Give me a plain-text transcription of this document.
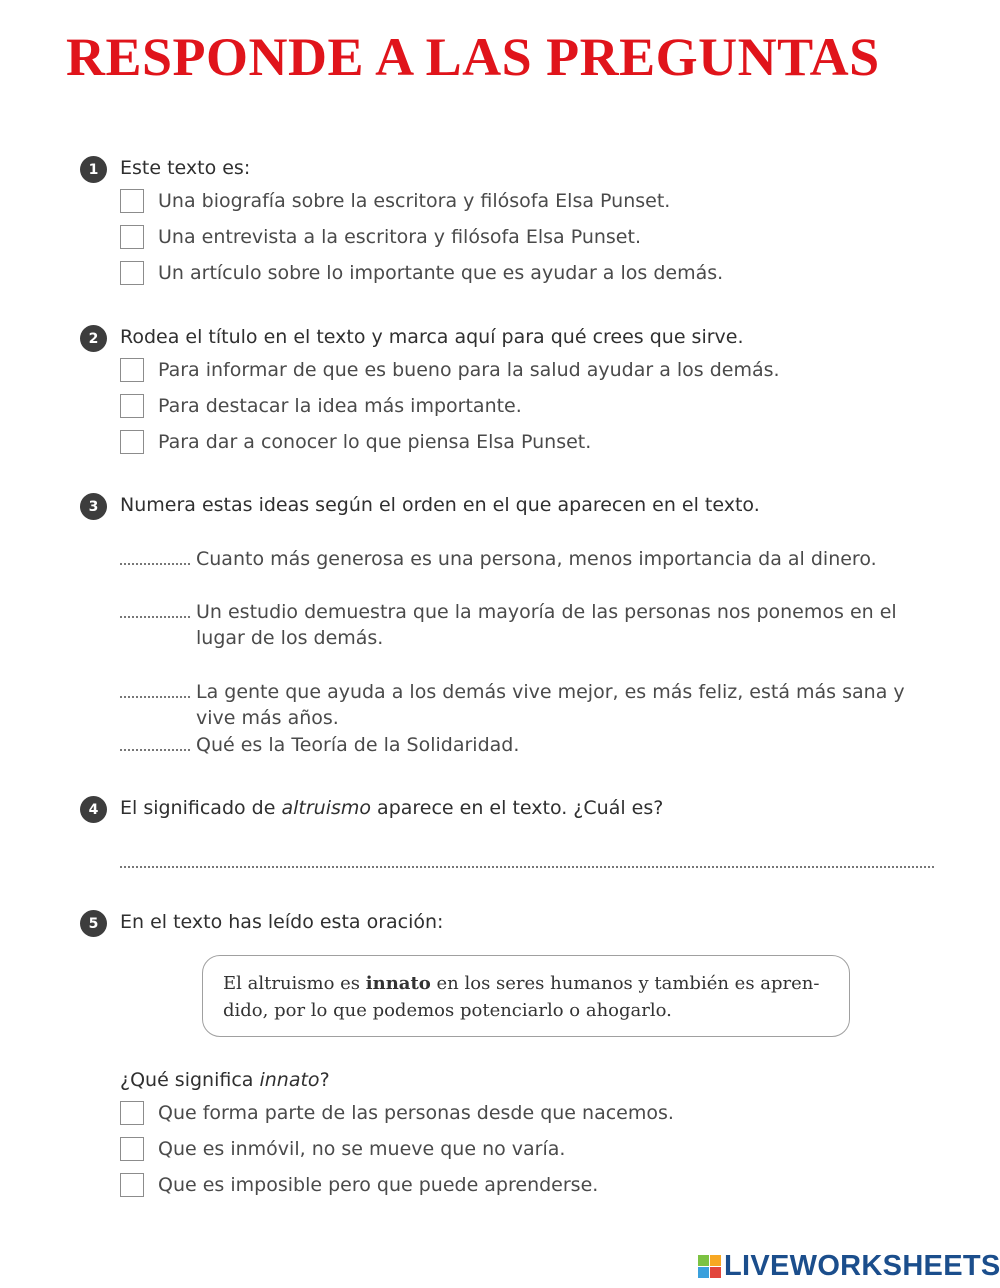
RESPONDE A LAS PREGUNTAS
1	Este texto es:
Una biografía sobre la escritora y filósofa Elsa Punset.
Una entrevista a la escritora y filósofa Elsa Punset.
Un artículo sobre lo importante que es ayudar a los demás.
2	Rodea el título en el texto y marca aquí para qué crees que sirve.
Para informar de que es bueno para la salud ayudar a los demás.
Para destacar la idea más importante.
Para dar a conocer lo que piensa Elsa Punset.
3	Numera estas ideas según el orden en el que aparecen en el texto.
Cuanto más generosa es una persona, menos importancia da al dinero.
Un estudio demuestra que la mayoría de las personas nos ponemos en el lugar de los demás.
La gente que ayuda a los demás vive mejor, es más feliz, está más sana y vive más años.
Qué es la Teoría de la Solidaridad.
4	El significado de altruismo aparece en el texto. ¿Cuál es?
5	En el texto has leído esta oración:
El altruismo es innato en los seres humanos y también es apren-
dido, por lo que podemos potenciarlo o ahogarlo.
¿Qué significa innato?
Que forma parte de las personas desde que nacemos.
Que es inmóvil, no se mueve que no varía.
Que es imposible pero que puede aprenderse.
LIVEWORKSHEETS
